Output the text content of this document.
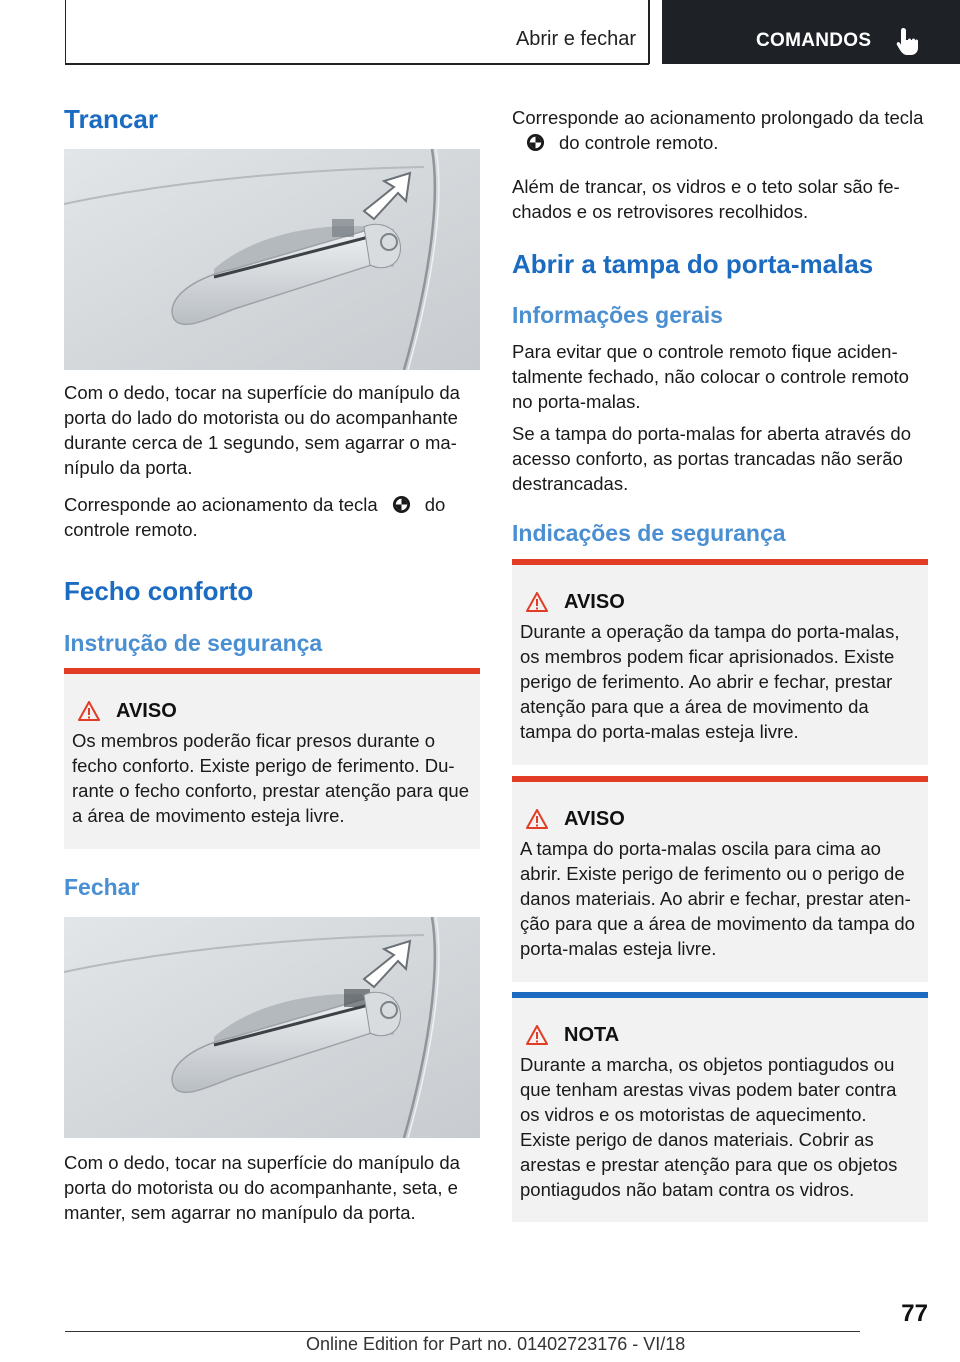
Abrir e fechar	COMANDOS
Trancar

Com o dedo, tocar na superfície do manípulo da porta do lado do motorista ou do acompanhante durante cerca de 1 segundo, sem agarrar o manípulo da porta.

Corresponde ao acionamento da tecla	do controle remoto.

Fecho conforto
Instrução de segurança
AVISO

Os membros poderão ficar presos durante o fecho conforto. Existe perigo de ferimento. Durante o fecho conforto, prestar atenção para que a área de movimento esteja livre.

Fechar

Com o dedo, tocar na superfície do manípulo da porta do motorista ou do acompanhante, seta, e manter, sem agarrar no manípulo da porta.

Corresponde ao acionamento prolongado da teclado controle remoto.

Além de trancar, os vidros e o teto solar são fechados e os retrovisores recolhidos.

Abrir a tampa do porta-malas
Informações gerais

Para evitar que o controle remoto fique acidentalmente fechado, não colocar o controle remoto no porta-malas.

Se a tampa do porta-malas for aberta através do acesso conforto, as portas trancadas não serão destrancadas.

Indicações de segurança
AVISO

Durante a operação da tampa do porta-malas, os membros podem ficar aprisionados. Existe perigo de ferimento. Ao abrir e fechar, prestar atenção para que a área de movimento da tampa do porta-malas esteja livre.

AVISO

A tampa do porta-malas oscila para cima ao abrir. Existe perigo de ferimento ou o perigo de danos materiais. Ao abrir e fechar, prestar atenção para que a área de movimento da tampa do porta-malas esteja livre.

NOTA

Durante a marcha, os objetos pontiagudos ou que tenham arestas vivas podem bater contra os vidros e os motoristas de aquecimento. Existe perigo de danos materiais. Cobrir as arestas e prestar atenção para que os objetos pontiagudos não batam contra os vidros.

77
Online Edition for Part no. 01402723176 - VI/18
